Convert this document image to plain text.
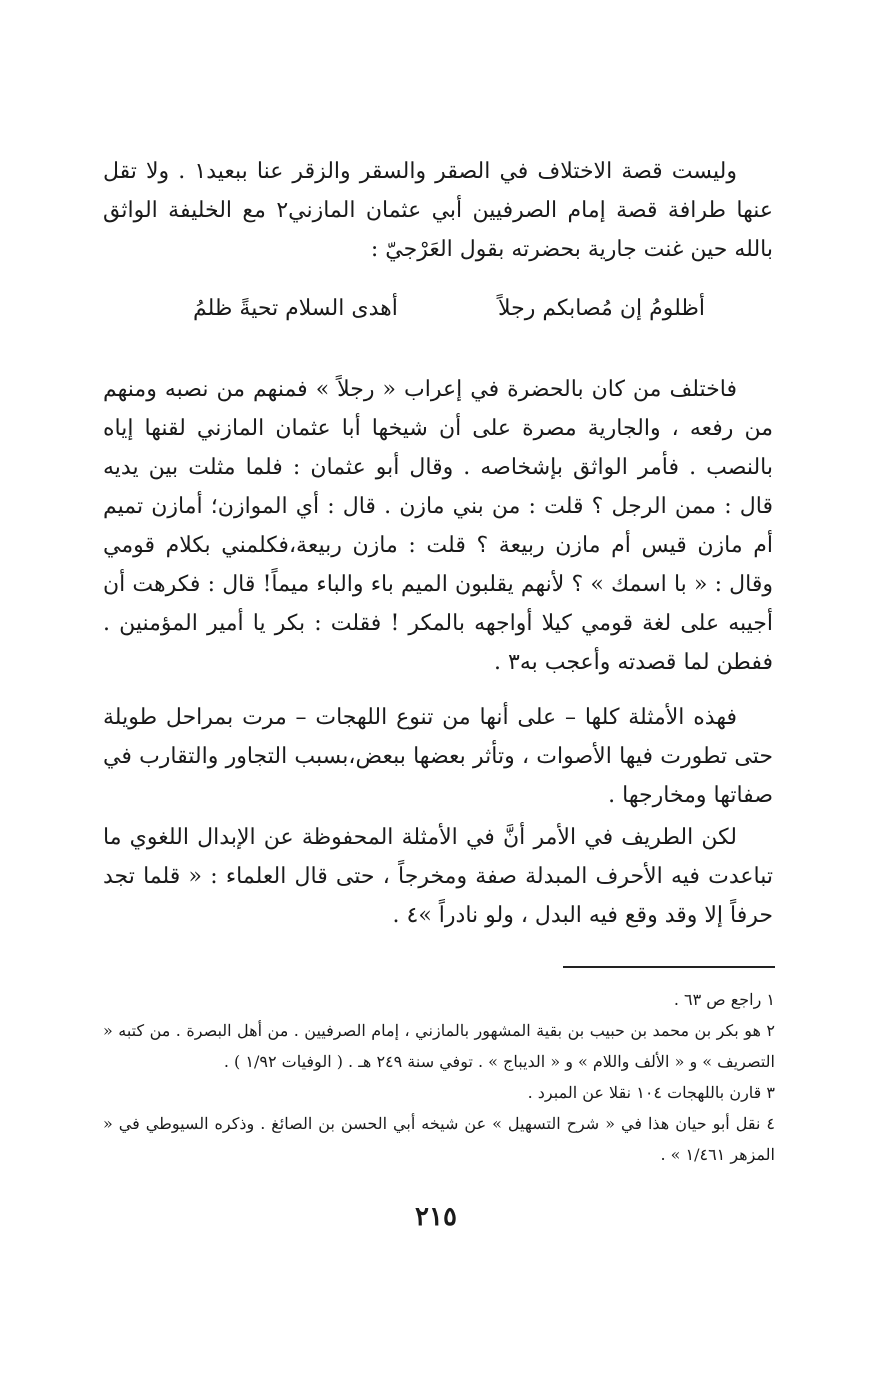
وليست قصة الاختلاف في الصقر والسقر والزقر عنا ببعيد١ . ولا تقل عنها طرافة قصة إمام الصرفيين أبي عثمان المازني٢ مع الخليفة الواثق بالله حين غنت جارية بحضرته بقول العَرْجيّ :

أظلومُ إن مُصابكم رجلاً
أهدى السلام تحيةً ظلمُ

فاختلف من كان بالحضرة في إعراب « رجلاً » فمنهم من نصبه ومنهم من رفعه ، والجارية مصرة على أن شيخها أبا عثمان المازني لقنها إياه بالنصب . فأمر الواثق بإشخاصه . وقال أبو عثمان : فلما مثلت بين يديه قال : ممن الرجل ؟ قلت : من بني مازن . قال : أي الموازن؛ أمازن تميم أم مازن قيس أم مازن ربيعة ؟ قلت : مازن ربيعة،فكلمني بكلام قومي وقال : « با اسمك » ؟ لأنهم يقلبون الميم باء والباء ميماً! قال : فكرهت أن أجيبه على لغة قومي كيلا أواجهه بالمكر ! فقلت : بكر يا أمير المؤمنين . ففطن لما قصدته وأعجب به٣ .

فهذه الأمثلة كلها – على أنها من تنوع اللهجات – مرت بمراحل طويلة حتى تطورت فيها الأصوات ، وتأثر بعضها ببعض،بسبب التجاور والتقارب في صفاتها ومخارجها .

لكن الطريف في الأمر أنَّ في الأمثلة المحفوظة عن الإبدال اللغوي ما تباعدت فيه الأحرف المبدلة صفة ومخرجاً ، حتى قال العلماء : « قلما تجد حرفاً إلا وقد وقع فيه البدل ، ولو نادراً »٤ .

١ راجع ص ٦٣ .
٢ هو بكر بن محمد بن حبيب بن بقية المشهور بالمازني ، إمام الصرفيين . من أهل البصرة . من كتبه « التصريف » و « الألف واللام » و « الديباج » . توفي سنة ٢٤٩ هـ . ( الوفيات ١/٩٢ ) .
٣ قارن باللهجات ١٠٤ نقلا عن المبرد .
٤ نقل أبو حيان هذا في « شرح التسهيل » عن شيخه أبي الحسن بن الصائغ . وذكره السيوطي في « المزهر ١/٤٦١ » .
٢١٥
